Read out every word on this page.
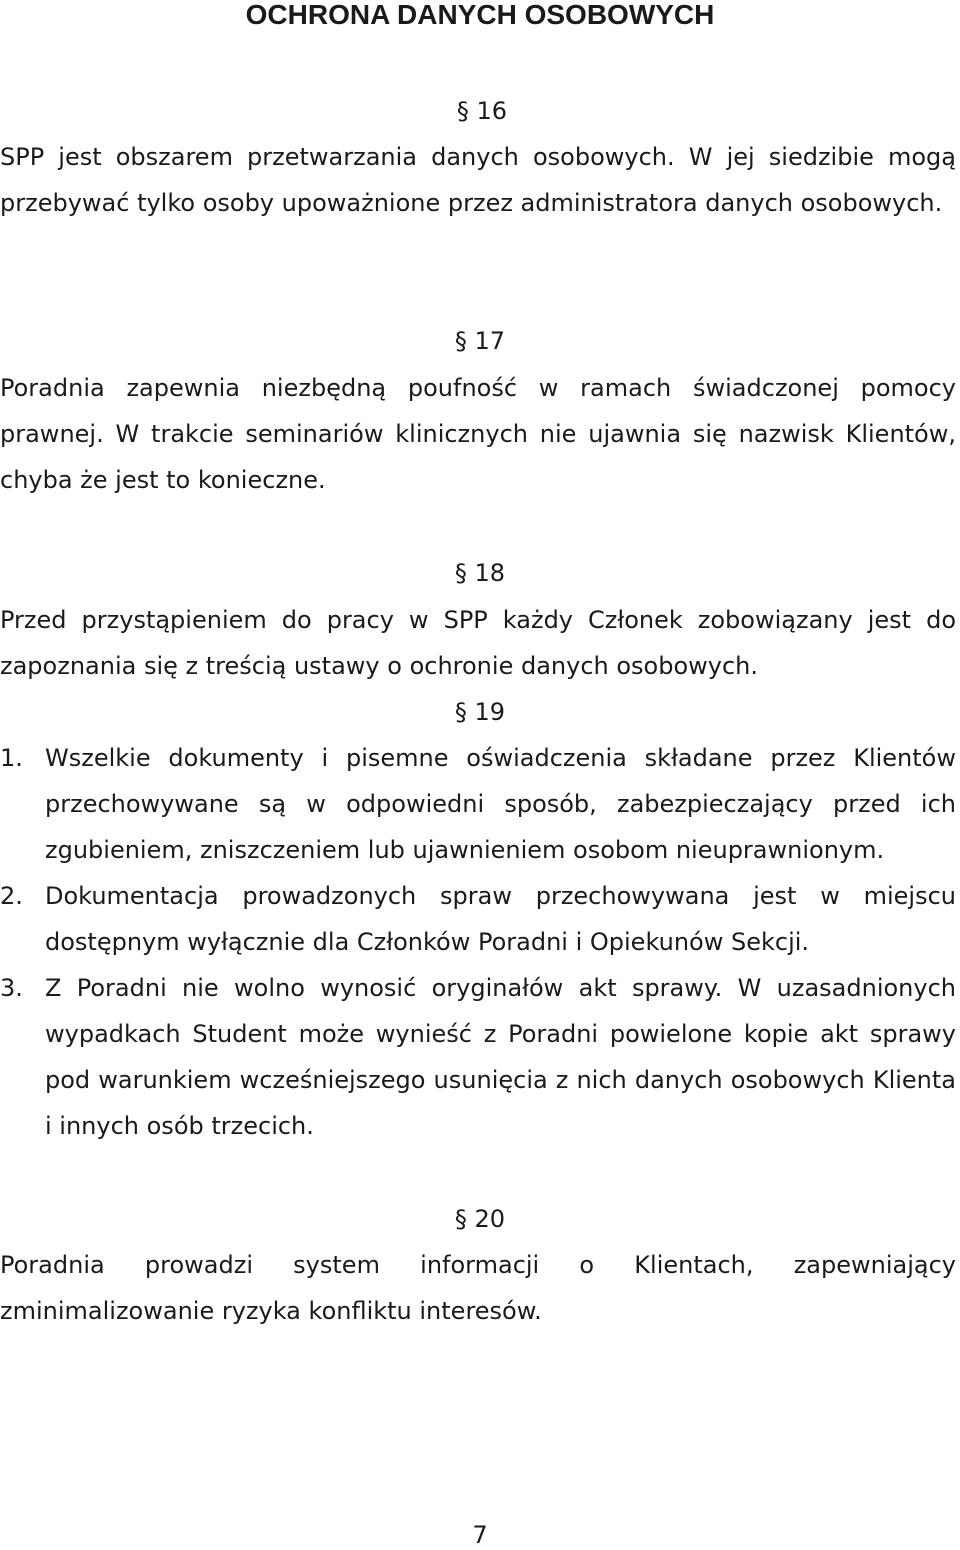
OCHRONA DANYCH OSOBOWYCH
§ 16

SPP jest obszarem przetwarzania danych osobowych. W jej siedzibie mogą przebywać tylko osoby upoważnione przez administratora danych osobowych.

§ 17

Poradnia zapewnia niezbędną poufność w ramach świadczonej pomocy prawnej. W trakcie seminariów klinicznych nie ujawnia się nazwisk Klientów, chyba że jest to konieczne.

§ 18

Przed przystąpieniem do pracy w SPP każdy Członek zobowiązany jest do zapoznania się z treścią ustawy o ochronie danych osobowych.

§ 19
1. Wszelkie dokumenty i pisemne oświadczenia składane przez Klientów przechowywane są w odpowiedni sposób, zabezpieczający przed ich zgubieniem, zniszczeniem lub ujawnieniem osobom nieuprawnionym.
2. Dokumentacja prowadzonych spraw przechowywana jest w miejscu dostępnym wyłącznie dla Członków Poradni i Opiekunów Sekcji.
3. Z Poradni nie wolno wynosić oryginałów akt sprawy. W uzasadnionych wypadkach Student może wynieść z Poradni powielone kopie akt sprawy pod warunkiem wcześniejszego usunięcia z nich danych osobowych Klienta i innych osób trzecich.
§ 20

Poradnia prowadzi system informacji o Klientach, zapewniający zminimalizowanie ryzyka konfliktu interesów.

7
